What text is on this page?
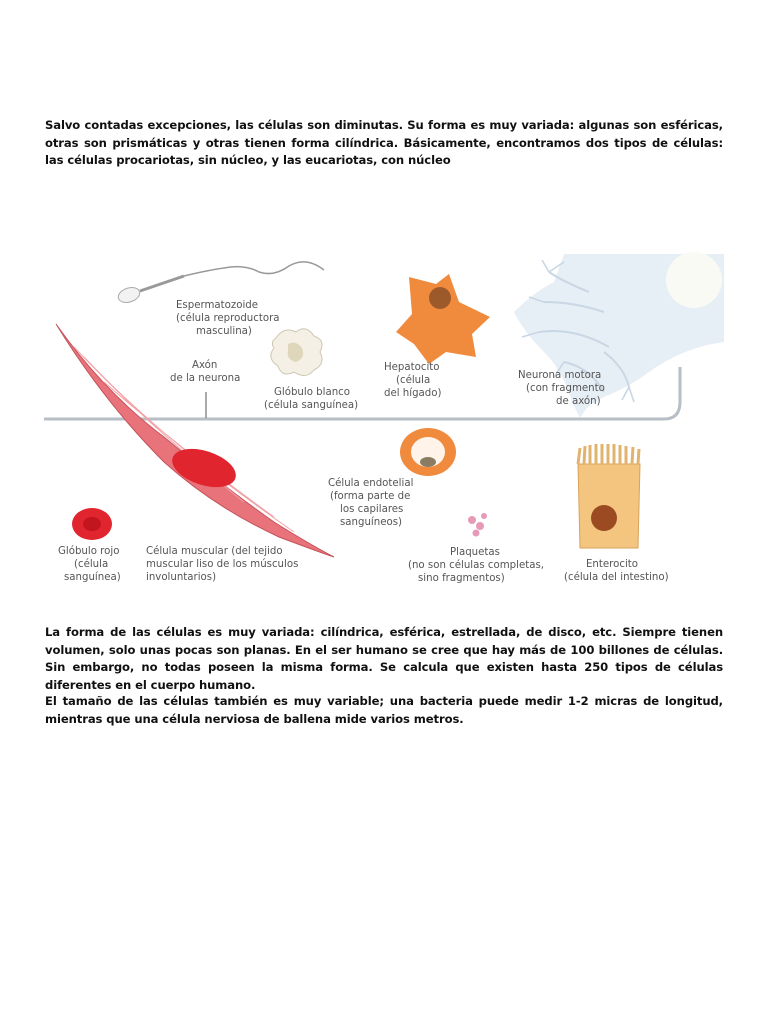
Salvo contadas excepciones, las células son diminutas. Su forma es muy variada: algunas son esféricas, otras son prismáticas y otras tienen forma cilíndrica. Básicamente, encontramos dos tipos de células: las células procariotas, sin núcleo, y las eucariotas, con núcleo

Espermatozoide (célula reproductora masculina)
Axón de la neurona
Glóbulo blanco (célula sanguínea)
Hepatocito (célula del hígado)
Neurona motora (con fragmento de axón)
Célula endotelial (forma parte de los capilares sanguíneos)
Glóbulo rojo (célula sanguínea)
Célula muscular (del tejido muscular liso de los músculos involuntarios)
Plaquetas (no son células completas, sino fragmentos)
Enterocito (célula del intestino)

La forma de las células es muy variada: cilíndrica, esférica, estrellada, de disco, etc. Siempre tienen volumen, solo unas pocas son planas. En el ser humano se cree que hay más de 100 billones de células. Sin embargo, no todas poseen la misma forma. Se calcula que existen hasta 250 tipos de células diferentes en el cuerpo humano.

El tamaño de las células también es muy variable; una bacteria puede medir 1-2 micras de longitud, mientras que una célula nerviosa de ballena mide varios metros.
